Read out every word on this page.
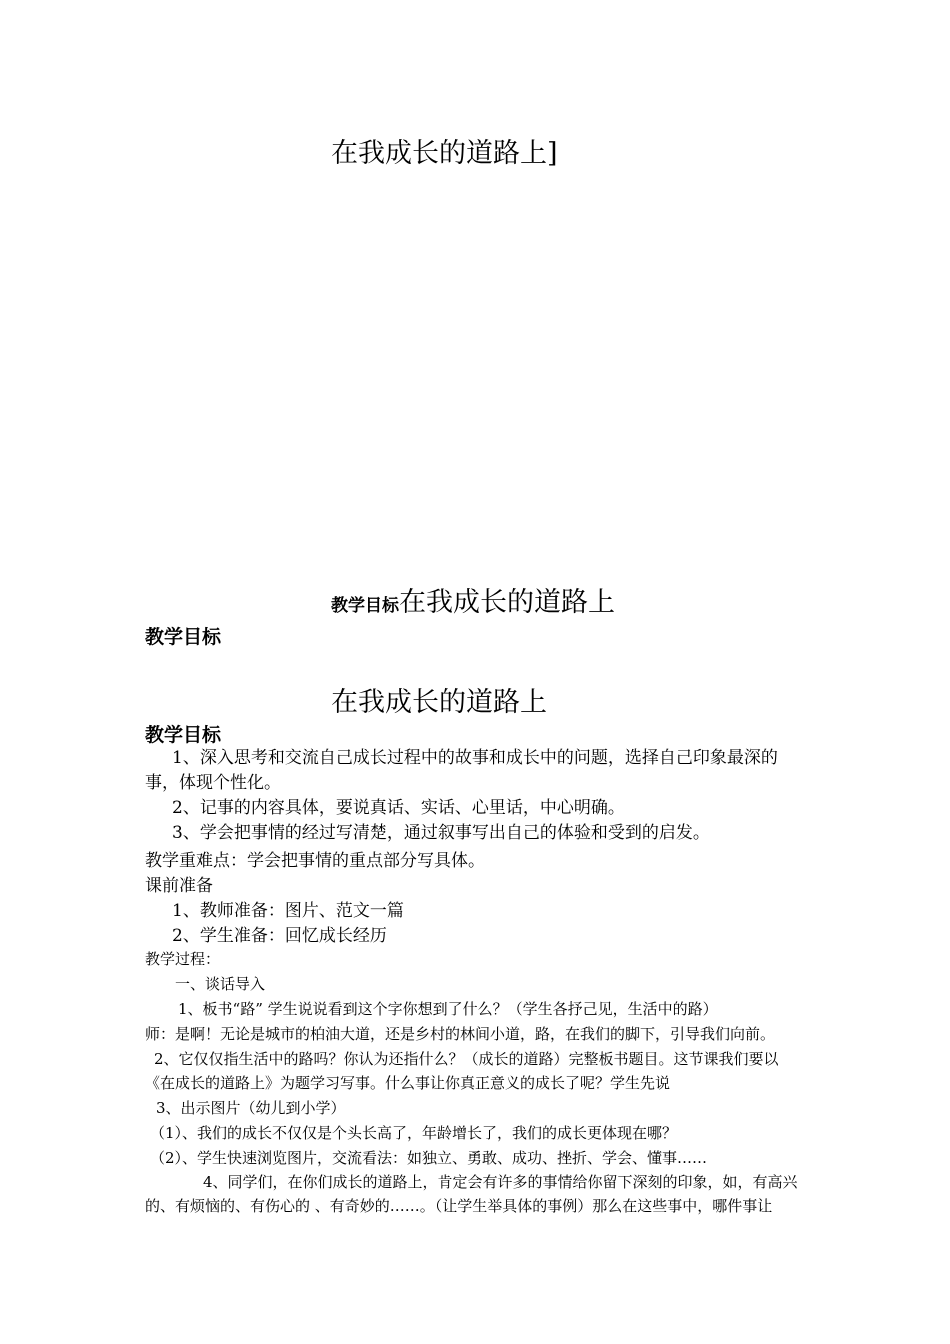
在我成长的道路上]
教学目标在我成长的道路上
教学目标
在我成长的道路上
教学目标
1、深入思考和交流自己成长过程中的故事和成长中的问题，选择自己印象最深的事，体现个性化。
2、记事的内容具体，要说真话、实话、心里话，中心明确。
3、学会把事情的经过写清楚，通过叙事写出自己的体验和受到的启发。
教学重难点：学会把事情的重点部分写具体。
课前准备
1、教师准备：图片、范文一篇
2、学生准备：回忆成长经历
教学过程：
一、谈话导入
1、板书“路” 学生说说看到这个字你想到了什么？（学生各抒己见，生活中的路）
师：是啊！无论是城市的柏油大道，还是乡村的林间小道，路，在我们的脚下，引导我们向前。
2、它仅仅指生活中的路吗？你认为还指什么？（成长的道路）完整板书题目。这节课我们要以《在成长的道路上》为题学习写事。什么事让你真正意义的成长了呢？学生先说
3、出示图片（幼儿到小学）
（1）、我们的成长不仅仅是个头长高了，年龄增长了，我们的成长更体现在哪？
（2）、学生快速浏览图片，交流看法：如独立、勇敢、成功、挫折、学会、懂事……
4、同学们，在你们成长的道路上，肯定会有许多的事情给你留下深刻的印象，如，有高兴的、有烦恼的、有伤心的 、有奇妙的……。（让学生举具体的事例）那么在这些事中，哪件事让
